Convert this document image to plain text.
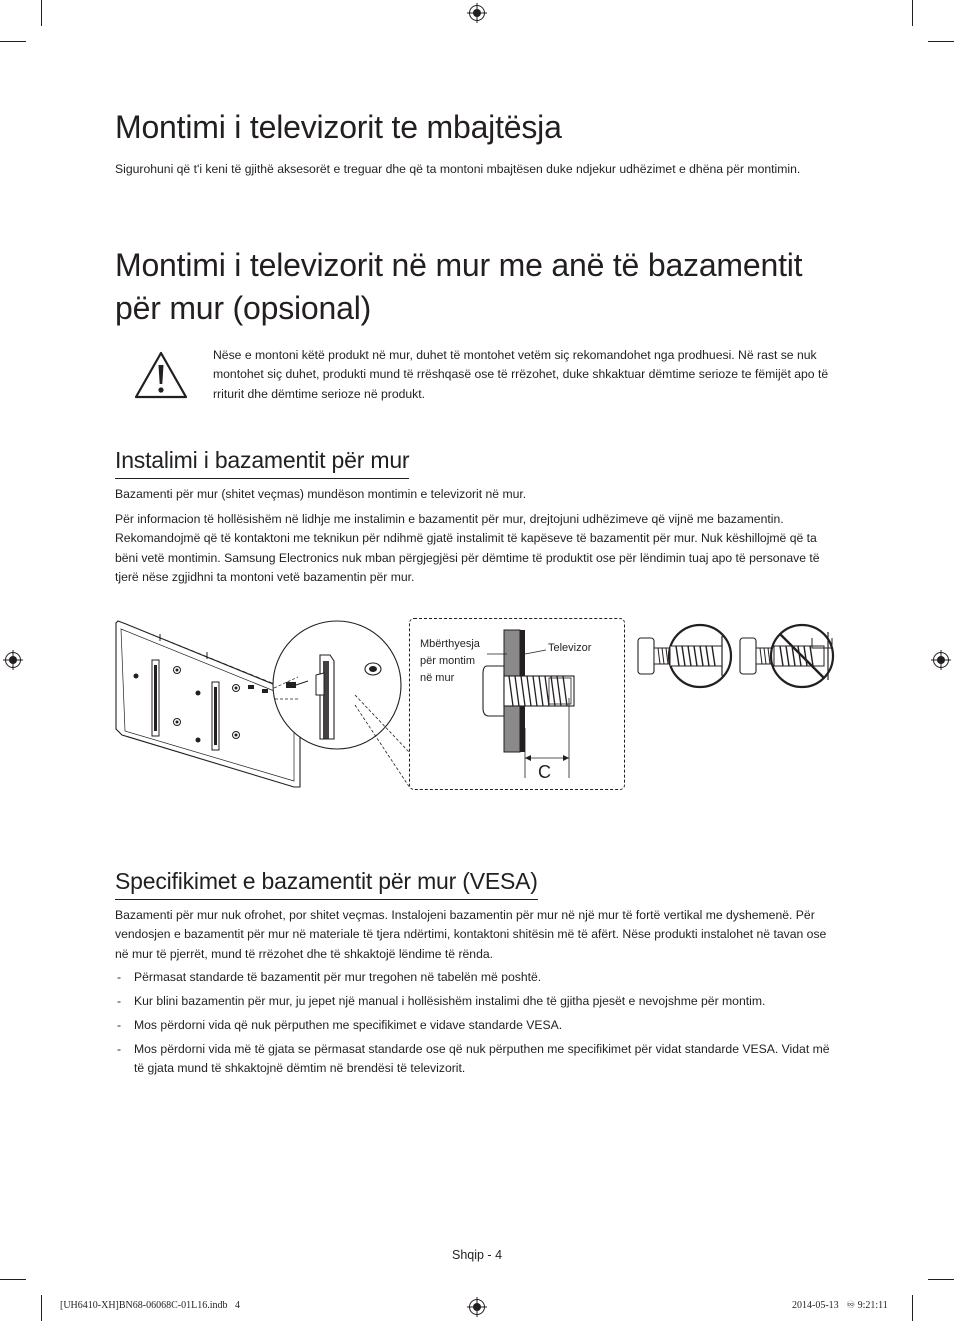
Montimi i televizorit te mbajtësja

Sigurohuni që t'i keni të gjithë aksesorët e treguar dhe që ta montoni mbajtësen duke ndjekur udhëzimet e dhëna për montimin.

Montimi i televizorit në mur me anë të bazamentit
për mur (opsional)

Nëse e montoni këtë produkt në mur, duhet të montohet vetëm siç rekomandohet nga prodhuesi. Në rast se nuk montohet siç duhet, produkti mund të rrëshqasë ose të rrëzohet, duke shkaktuar dëmtime serioze te fëmijët apo të rriturit dhe dëmtime serioze në produkt.

Instalimi i bazamentit për mur

Bazamenti për mur (shitet veçmas) mundëson montimin e televizorit në mur.

Për informacion të hollësishëm në lidhje me instalimin e bazamentit për mur, drejtojuni udhëzimeve që vijnë me bazamentin. Rekomandojmë që të kontaktoni me teknikun për ndihmë gjatë instalimit të kapëseve të bazamentit për mur. Nuk këshillojmë që ta bëni vetë montimin. Samsung Electronics nuk mban përgjegjësi për dëmtime të produktit ose për lëndimin tuaj apo të personave të tjerë nëse zgjidhni ta montoni vetë bazamentin për mur.

Mbërthyesja
për montim
në mur
Televizor
C
Specifikimet e bazamentit për mur (VESA)

Bazamenti për mur nuk ofrohet, por shitet veçmas. Instalojeni bazamentin për mur në një mur të fortë vertikal me dyshemenë. Për vendosjen e bazamentit për mur në materiale të tjera ndërtimi, kontaktoni shitësin më të afërt. Nëse produkti instalohet në tavan ose në mur të pjerrët, mund të rrëzohet dhe të shkaktojë lëndime të rënda.

- Përmasat standarde të bazamentit për mur tregohen në tabelën më poshtë.
- Kur blini bazamentin për mur, ju jepet një manual i hollësishëm instalimi dhe të gjitha pjesët e nevojshme për montim.
- Mos përdorni vida që nuk përputhen me specifikimet e vidave standarde VESA.
- Mos përdorni vida më të gjata se përmasat standarde ose që nuk përputhen me specifikimet për vidat standarde VESA. Vidat më të gjata mund të shkaktojnë dëmtim në brendësi të televizorit.
Shqip - 4
[UH6410-XH]BN68-06068C-01L16.indb   4	2014-05-13   ♾ 9:21:11
